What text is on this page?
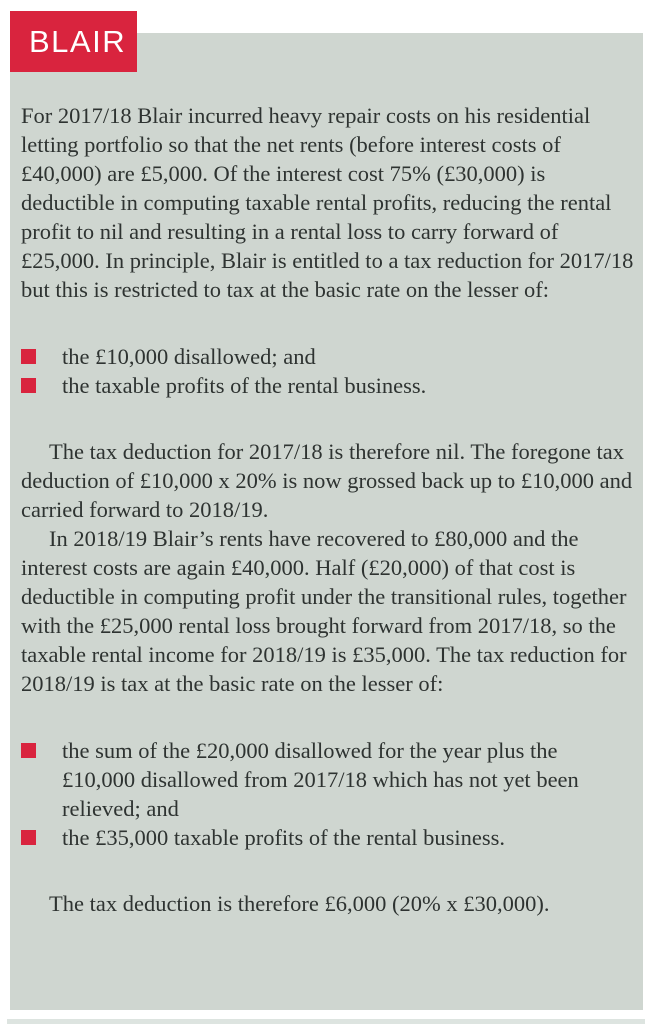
BLAIR

For 2017/18 Blair incurred heavy repair costs on his residential letting portfolio so that the net rents (before interest costs of £40,000) are £5,000. Of the interest cost 75% (£30,000) is deductible in computing taxable rental profits, reducing the rental profit to nil and resulting in a rental loss to carry forward of £25,000. In principle, Blair is entitled to a tax reduction for 2017/18 but this is restricted to tax at the basic rate on the lesser of:

the £10,000 disallowed; and
the taxable profits of the rental business.

The tax deduction for 2017/18 is therefore nil. The foregone tax deduction of £10,000 x 20% is now grossed back up to £10,000 and carried forward to 2018/19.

In 2018/19 Blair’s rents have recovered to £80,000 and the interest costs are again £40,000. Half (£20,000) of that cost is deductible in computing profit under the transitional rules, together with the £25,000 rental loss brought forward from 2017/18, so the taxable rental income for 2018/19 is £35,000. The tax reduction for 2018/19 is tax at the basic rate on the lesser of:

the sum of the £20,000 disallowed for the year plus the £10,000 disallowed from 2017/18 which has not yet been relieved; and
the £35,000 taxable profits of the rental business.

The tax deduction is therefore £6,000 (20% x £30,000).
